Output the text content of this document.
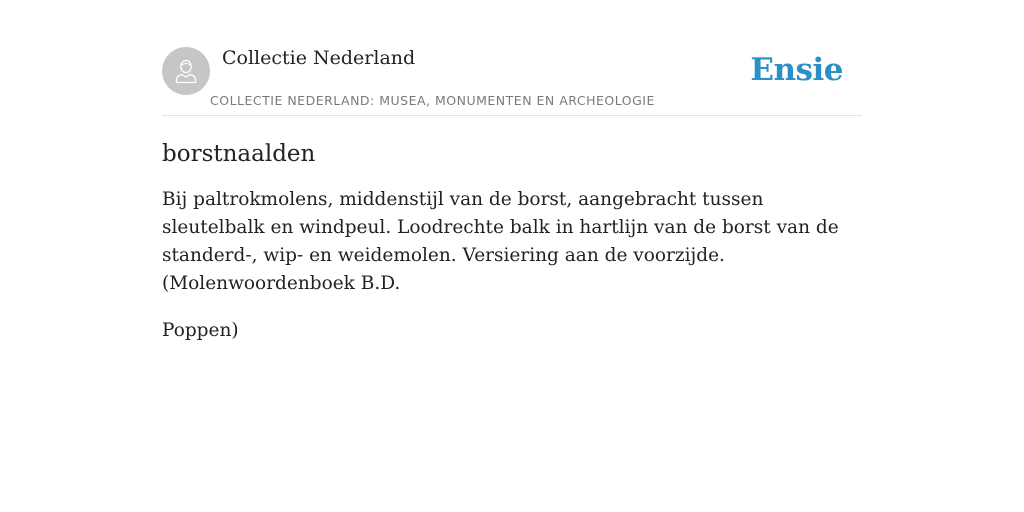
Collectie Nederland
COLLECTIE NEDERLAND: MUSEA, MONUMENTEN EN ARCHEOLOGIE
Ensie
borstnaalden

Bij paltrokmolens, middenstijl van de borst, aangebracht tussen sleutelbalk en windpeul. Loodrechte balk in hartlijn van de borst van de standerd-, wip- en weidemolen. Versiering aan de voorzijde. (Molenwoordenboek B.D.

Poppen)
